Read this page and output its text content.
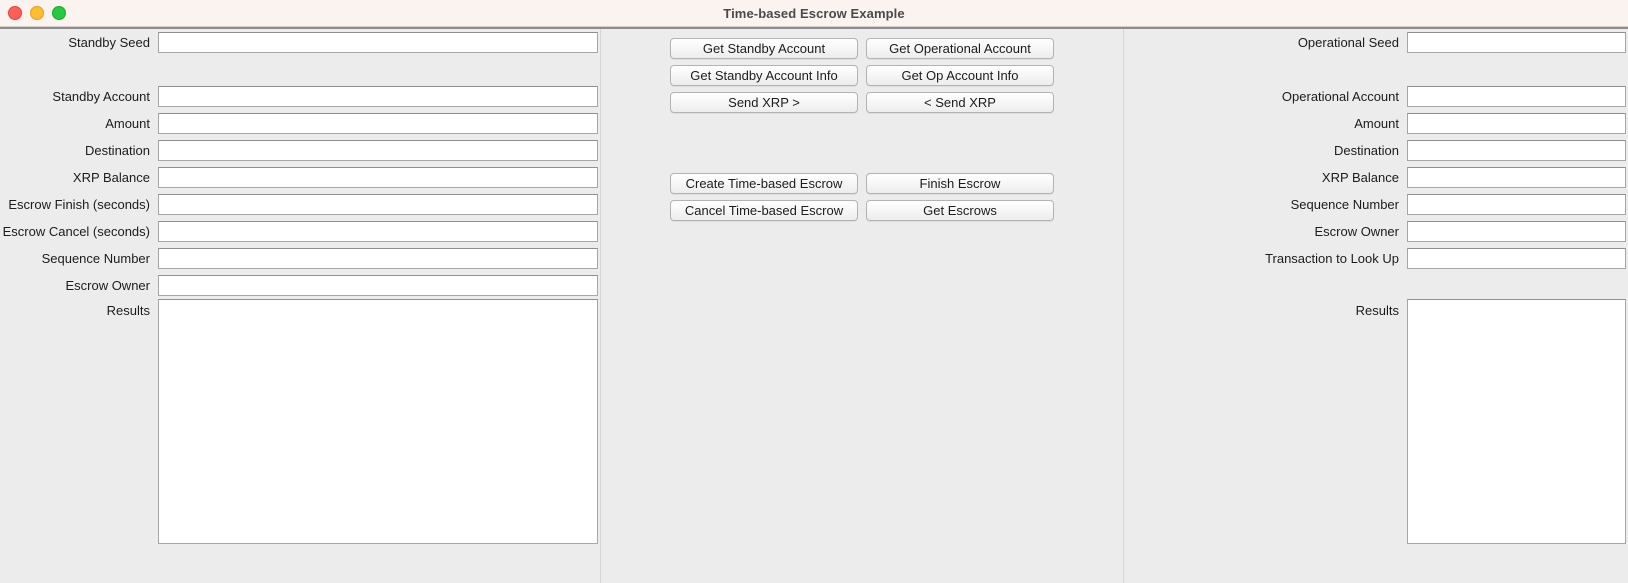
Time-based Escrow Example
Standby Seed
Standby Account
Amount
Destination
XRP Balance
Escrow Finish (seconds)
Escrow Cancel (seconds)
Sequence Number
Escrow Owner
Results
Get Standby Account	Get Operational Account
Get Standby Account Info	Get Op Account Info
Send XRP >	< Send XRP
Create Time-based Escrow	Finish Escrow
Cancel Time-based Escrow	Get Escrows
Operational Seed
Operational Account
Amount
Destination
XRP Balance
Sequence Number
Escrow Owner
Transaction to Look Up
Results
